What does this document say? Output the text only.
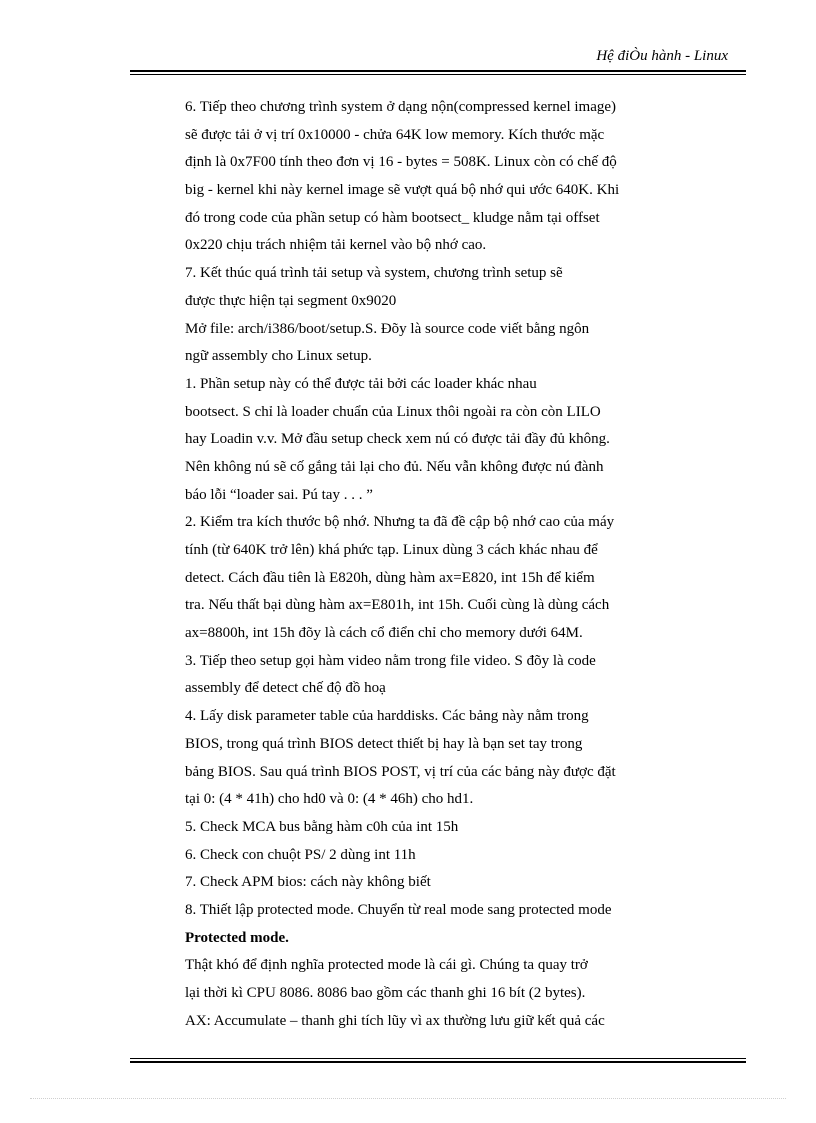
Hệ điÒu hành - Linux
6. Tiếp theo chương trình system ở dạng nộn(compressed kernel image)
sẽ được tải ở vị trí 0x10000 - chửa 64K low memory. Kích thước mặc
định là 0x7F00 tính theo đơn vị 16 - bytes = 508K. Linux còn có chế độ
big - kernel khi này kernel image sẽ vượt quá bộ nhớ qui ước 640K. Khi
đó trong code của phần setup có hàm bootsect_ kludge nằm tại offset
0x220 chịu trách nhiệm tải kernel vào bộ nhớ cao.
7. Kết thúc quá trình tải setup và system, chương trình setup sẽ
được thực hiện tại segment 0x9020
Mở file: arch/i386/boot/setup.S. Đõy là source code viết bằng ngôn
ngữ assembly cho Linux setup.
1. Phần setup này có thể được tải bởi các loader khác nhau
bootsect. S chỉ là loader chuẩn của Linux thôi ngoài ra còn còn LILO
hay Loadin v.v. Mở đầu setup check xem nú có được tải đầy đủ không.
Nên không nú sẽ cố gắng tải lại cho đủ. Nếu vẫn không được nú đành
báo lỗi “loader sai. Pú tay . . . ”
2. Kiểm tra kích thước bộ nhớ. Nhưng ta đã đề cập bộ nhớ cao của máy
tính (từ 640K trở lên) khá phức tạp. Linux dùng 3 cách khác nhau để
detect. Cách đầu tiên là E820h, dùng hàm ax=E820, int 15h để kiểm
tra. Nếu thất bại dùng hàm ax=E801h, int 15h. Cuối cùng là dùng cách
ax=8800h, int 15h đõy là cách cổ điển chỉ cho memory dưới 64M.
3. Tiếp theo setup gọi hàm video nằm trong file video. S đõy là code
assembly để detect chế độ đồ hoạ
4. Lấy disk parameter table của harddisks. Các bảng này nằm trong
BIOS, trong quá trình BIOS detect thiết bị hay là bạn set tay trong
bảng BIOS. Sau quá trình BIOS POST, vị trí của các bảng này được đặt
tại 0: (4 * 41h) cho hd0 và 0: (4 * 46h) cho hd1.
5. Check MCA bus bằng hàm c0h của int 15h
6. Check con chuột PS/ 2 dùng int 11h
7. Check APM bios: cách này không biết
8. Thiết lập protected mode. Chuyển từ real mode sang protected mode
Protected mode.
Thật khó để định nghĩa protected mode là cái gì. Chúng ta quay trở
lại thời kì CPU 8086. 8086 bao gồm các thanh ghi 16 bít (2 bytes).
AX: Accumulate – thanh ghi tích lũy vì ax thường lưu giữ kết quả các
